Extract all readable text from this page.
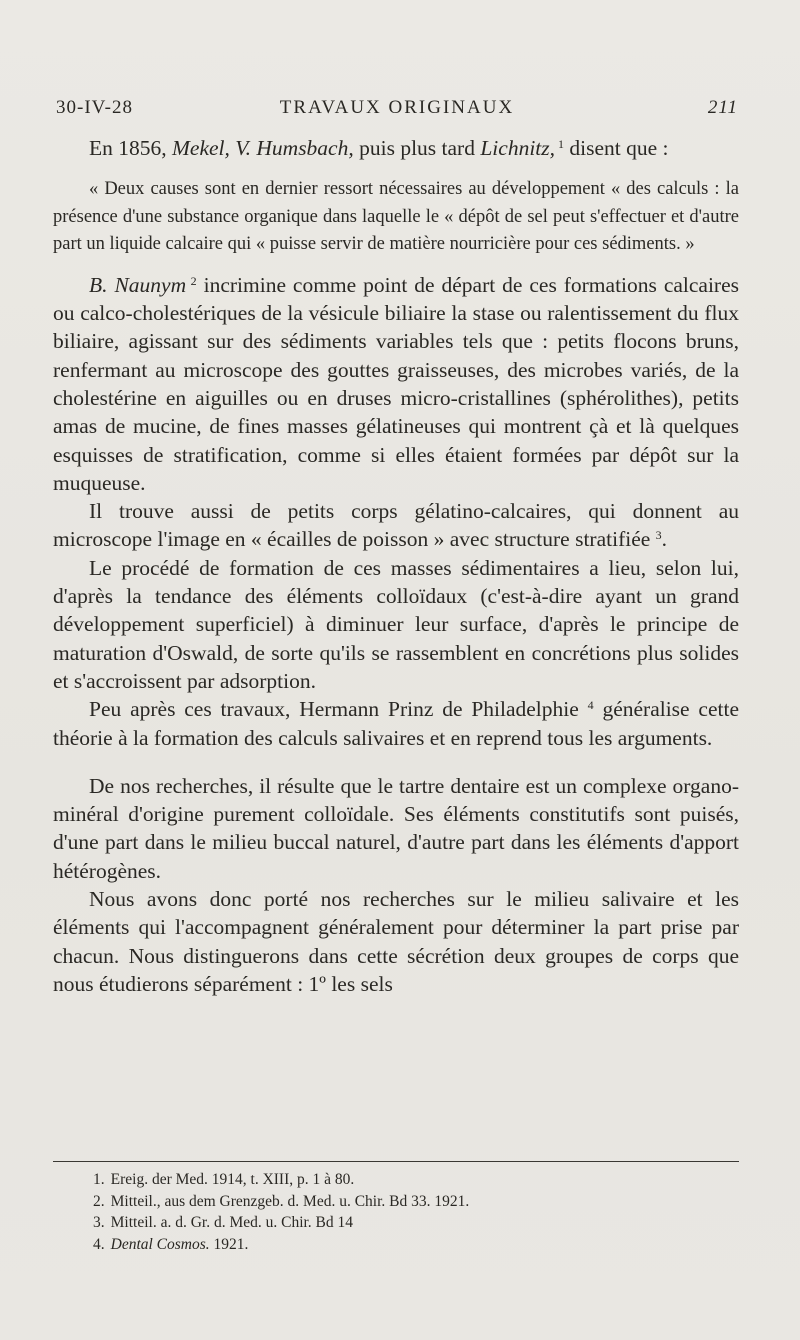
30-IV-28	TRAVAUX ORIGINAUX	211

En 1856, Mekel, V. Humsbach, puis plus tard Lichnitz, $^1$ disent que :

« Deux causes sont en dernier ressort nécessaires au développement « des calculs : la présence d'une substance organique dans laquelle le « dépôt de sel peut s'effectuer et d'autre part un liquide calcaire qui « puisse servir de matière nourricière pour ces sédiments. »

B. Naunym $^2$ incrimine comme point de départ de ces formations calcaires ou calco-cholestériques de la vésicule biliaire la stase ou ralentissement du flux biliaire, agissant sur des sédiments variables tels que : petits flocons bruns, renfermant au microscope des gouttes graisseuses, des microbes variés, de la cholestérine en aiguilles ou en druses micro-cristallines (sphérolithes), petits amas de mucine, de fines masses gélatineuses qui montrent çà et là quelques esquisses de stratification, comme si elles étaient formées par dépôt sur la muqueuse.

Il trouve aussi de petits corps gélatino-calcaires, qui donnent au microscope l'image en « écailles de poisson » avec structure stratifiée $^3$.

Le procédé de formation de ces masses sédimentaires a lieu, selon lui, d'après la tendance des éléments colloïdaux (c'est-à-dire ayant un grand développement superficiel) à diminuer leur surface, d'après le principe de maturation d'Oswald, de sorte qu'ils se rassemblent en concrétions plus solides et s'accroissent par adsorption.

Peu après ces travaux, Hermann Prinz de Philadelphie $^4$ généralise cette théorie à la formation des calculs salivaires et en reprend tous les arguments.

De nos recherches, il résulte que le tartre dentaire est un complexe organo-minéral d'origine purement colloïdale. Ses éléments constitutifs sont puisés, d'une part dans le milieu buccal naturel, d'autre part dans les éléments d'apport hétérogènes.

Nous avons donc porté nos recherches sur le milieu salivaire et les éléments qui l'accompagnent généralement pour déterminer la part prise par chacun. Nous distinguerons dans cette sécrétion deux groupes de corps que nous étudierons séparément : 1º les sels

1. Ereig. der Med. 1914, t. XIII, p. 1 à 80.
2. Mitteil., aus dem Grenzgeb. d. Med. u. Chir. Bd 33. 1921.
3. Mitteil. a. d. Gr. d. Med. u. Chir. Bd 14
4. Dental Cosmos. 1921.
